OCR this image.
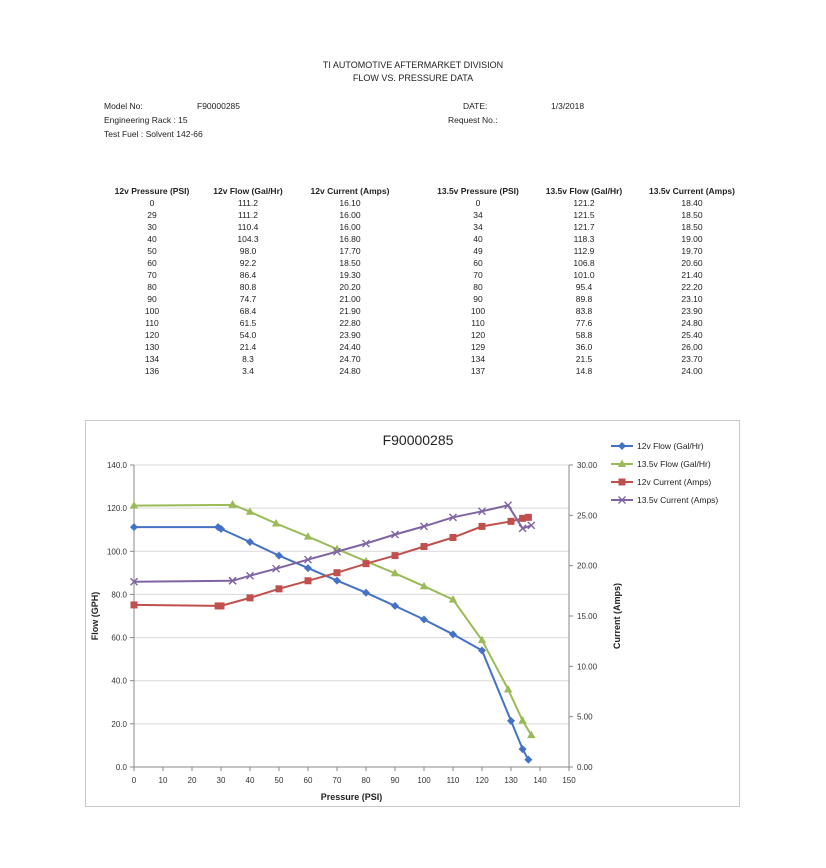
TI AUTOMOTIVE AFTERMARKET DIVISION
FLOW VS. PRESSURE DATA
Model No:	F90000285
Engineering Rack : 15
Test Fuel : Solvent 142-66
DATE:	1/3/2018
Request No.:
12v Pressure (PSI)	12v Flow (Gal/Hr)	12v Current (Amps)
0	111.2	16.10
29	111.2	16.00
30	110.4	16.00
40	104.3	16.80
50	98.0	17.70
60	92.2	18.50
70	86.4	19.30
80	80.8	20.20
90	74.7	21.00
100	68.4	21.90
110	61.5	22.80
120	54.0	23.90
130	21.4	24.40
134	8.3	24.70
136	3.4	24.80
13.5v Pressure (PSI)	13.5v Flow (Gal/Hr)	13.5v Current (Amps)
0	121.2	18.40
34	121.5	18.50
34	121.7	18.50
40	118.3	19.00
49	112.9	19.70
60	106.8	20.60
70	101.0	21.40
80	95.4	22.20
90	89.8	23.10
100	83.8	23.90
110	77.6	24.80
120	58.8	25.40
129	36.0	26.00
134	21.5	23.70
137	14.8	24.00
0.0
20.0
40.0
60.0
80.0
100.0
120.0
140.0
0.00
5.00
10.00
15.00
20.00
25.00
30.00
0	10	20	30	40	50	60	70	80	90 100 110 120 130 140 150
F90000285
Pressure (PSI)
Flow (GPH)	Current (Amps)
12v Flow (Gal/Hr)
13.5v Flow (Gal/Hr)
12v Current (Amps)
13.5v Current (Amps)
